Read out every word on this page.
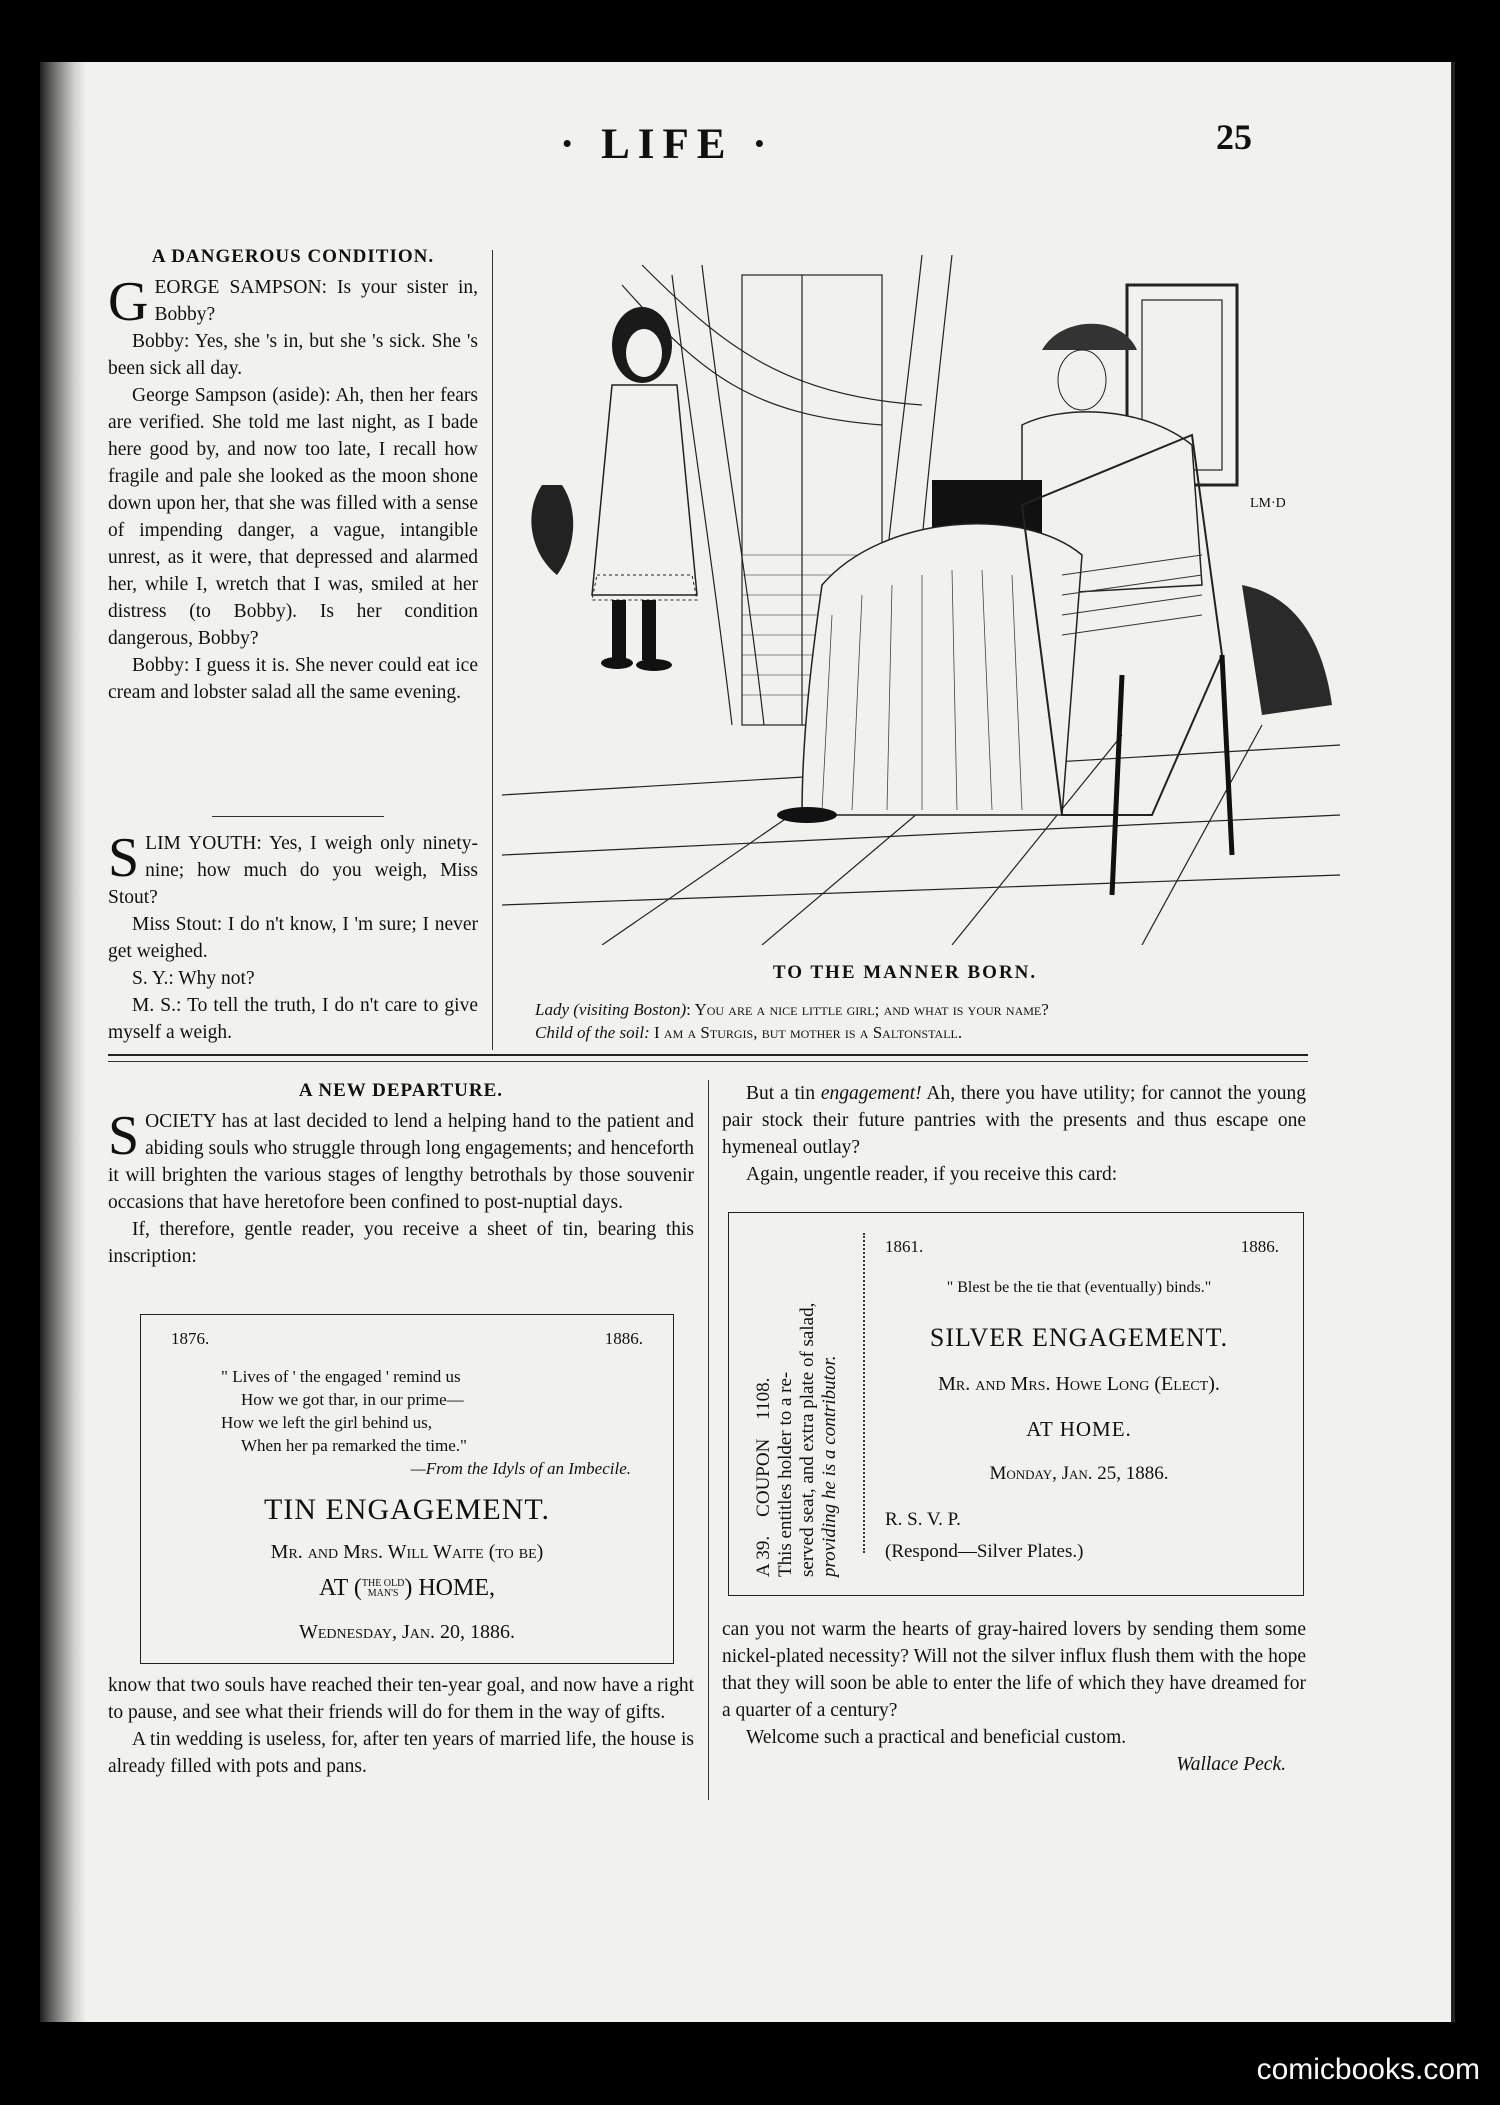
· LIFE ·	25
A DANGEROUS CONDITION.

GEORGE SAMPSON: Is your sister in, Bobby?

Bobby: Yes, she 's in, but she 's sick. She 's been sick all day.

George Sampson (aside): Ah, then her fears are verified. She told me last night, as I bade here good by, and now too late, I recall how fragile and pale she looked as the moon shone down upon her, that she was filled with a sense of impending danger, a vague, intangible unrest, as it were, that depressed and alarmed her, while I, wretch that I was, smiled at her distress (to Bobby). Is her condition dangerous, Bobby?

Bobby: I guess it is. She never could eat ice cream and lobster salad all the same evening.

SLIM YOUTH: Yes, I weigh only ninety-nine; how much do you weigh, Miss Stout?

Miss Stout: I do n't know, I 'm sure; I never get weighed.

S. Y.: Why not?

M. S.: To tell the truth, I do n't care to give myself a weigh.

LM·D
TO THE MANNER BORN.
Lady (visiting Boston): You are a nice little girl; and what is your name?
Child of the soil: I am a Sturgis, but mother is a Saltonstall.
A NEW DEPARTURE.

SOCIETY has at last decided to lend a helping hand to the patient and abiding souls who struggle through long engagements; and henceforth it will brighten the various stages of lengthy betrothals by those souvenir occasions that have heretofore been confined to post-nuptial days.

If, therefore, gentle reader, you receive a sheet of tin, bearing this inscription:

1876.	1886.

" Lives of ' the engaged ' remind us

How we got thar, in our prime—

How we left the girl behind us,

When her pa remarked the time."

—From the Idyls of an Imbecile.

TIN ENGAGEMENT.
Mr. and Mrs. Will Waite (to be)
AT (THE OLD
MAN'S ) HOME,
Wednesday, Jan. 20, 1886.

know that two souls have reached their ten-year goal, and now have a right to pause, and see what their friends will do for them in the way of gifts.

A tin wedding is useless, for, after ten years of married life, the house is already filled with pots and pans.

But a tin engagement! Ah, there you have utility; for cannot the young pair stock their future pantries with the presents and thus escape one hymeneal outlay?

Again, ungentle reader, if you receive this card:

A 39.    COUPON    1108. This entitles holder to a re- served seat, and extra plate of salad, providing he is a contributor.
1861.	1886.
" Blest be the tie that (eventually) binds."
SILVER ENGAGEMENT.
Mr. and Mrs. Howe Long (Elect).
AT HOME.
Monday, Jan. 25, 1886.
R. S. V. P.
(Respond—Silver Plates.)

can you not warm the hearts of gray-haired lovers by sending them some nickel-plated necessity? Will not the silver influx flush them with the hope that they will soon be able to enter the life of which they have dreamed for a quarter of a century?

Welcome such a practical and beneficial custom.

Wallace Peck.

comicbooks.com
